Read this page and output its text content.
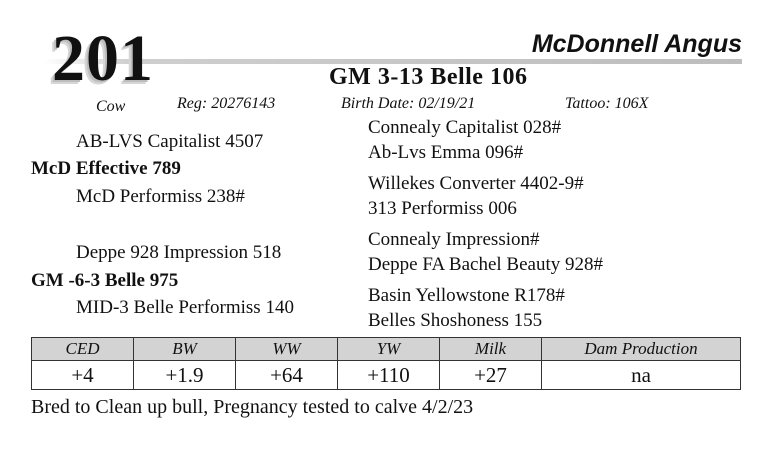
201	McDonnell Angus
GM 3-13 Belle 106
Cow	Reg: 20276143	Birth Date: 02/19/21	Tattoo: 106X
AB-LVS Capitalist 4507
McD Effective 789
McD Performiss 238#
Deppe 928 Impression 518
GM -6-3 Belle 975
MID-3 Belle Performiss 140
Connealy Capitalist 028#
Ab-Lvs Emma 096#
Willekes Converter 4402-9#
313 Performiss 006
Connealy Impression#
Deppe FA Bachel Beauty 928#
Basin Yellowstone R178#
Belles Shoshoness 155
CED	BW	WW	YW	Milk	Dam Production
+4	+1.9	+64	+110	+27	na
Bred to Clean up bull, Pregnancy tested to calve 4/2/23
